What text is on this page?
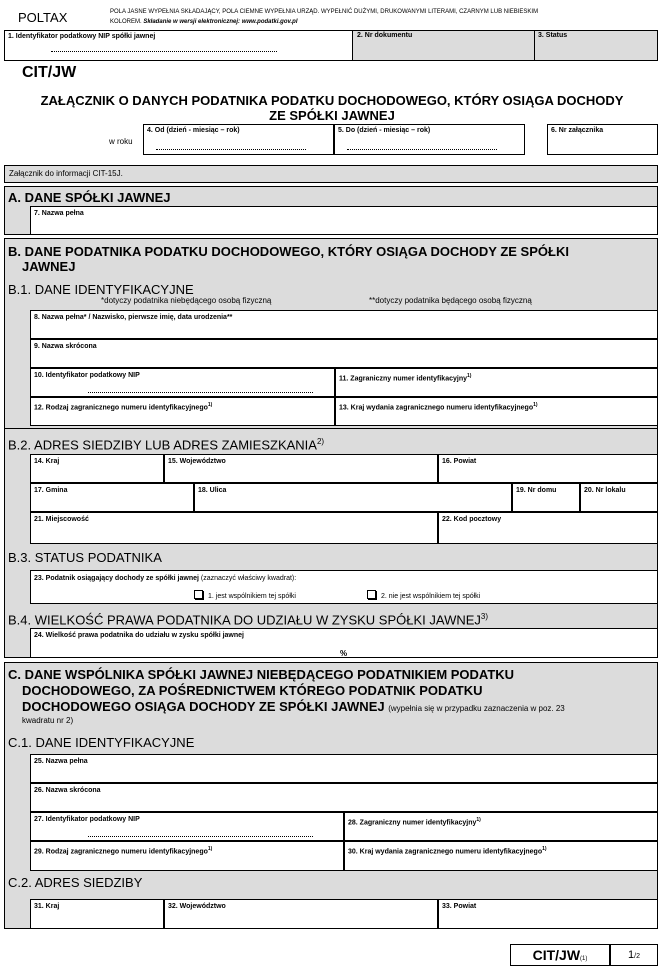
POLTAX	POLA JASNE WYPEŁNIA SKŁADAJĄCY, POLA CIEMNE WYPEŁNIA URZĄD. WYPEŁNIĆ DUŻYMI, DRUKOWANYMI LITERAMI, CZARNYM LUB NIEBIESKIM
KOLOREM. Składanie w wersji elektronicznej: www.podatki.gov.pl
1. Identyfikator podatkowy NIP spółki jawnej	2. Nr dokumentu	3. Status
CIT/JW
ZAŁĄCZNIK O DANYCH PODATNIKA PODATKU DOCHODOWEGO, KTÓRY OSIĄGA DOCHODY
ZE SPÓŁKI JAWNEJ
w roku
4. Od (dzień - miesiąc – rok)	5. Do (dzień - miesiąc – rok)	6. Nr załącznika
Załącznik do informacji CIT-15J.
A. DANE SPÓŁKI JAWNEJ
7. Nazwa pełna
B. DANE PODATNIKA PODATKU DOCHODOWEGO, KTÓRY OSIĄGA DOCHODY ZE SPÓŁKI
JAWNEJ
B.1. DANE IDENTYFIKACYJNE
*dotyczy podatnika niebędącego osobą fizyczną	**dotyczy podatnika będącego osobą fizyczną
8. Nazwa pełna* / Nazwisko, pierwsze imię, data urodzenia**
9. Nazwa skrócona
10. Identyfikator podatkowy NIP	11. Zagraniczny numer identyfikacyjny$^{1)}$
12. Rodzaj zagranicznego numeru identyfikacyjnego$^{1)}$	13. Kraj wydania zagranicznego numeru identyfikacyjnego$^{1)}$
B.2. ADRES SIEDZIBY LUB ADRES ZAMIESZKANIA$^{2)}$
14. Kraj	15. Województwo	16. Powiat
17. Gmina	18. Ulica	19. Nr domu	20. Nr lokalu
21. Miejscowość	22. Kod pocztowy
B.3. STATUS PODATNIKA
23. Podatnik osiągający dochody ze spółki jawnej (zaznaczyć właściwy kwadrat):
1. jest wspólnikiem tej spółki	2. nie jest wspólnikiem tej spółki
B.4. WIELKOŚĆ PRAWA PODATNIKA DO UDZIAŁU W ZYSKU SPÓŁKI JAWNEJ$^{3)}$
24. Wielkość prawa podatnika do udziału w zysku spółki jawnej
%
C. DANE WSPÓLNIKA SPÓŁKI JAWNEJ NIEBĘDĄCEGO PODATNIKIEM PODATKU
DOCHODOWEGO, ZA POŚREDNICTWEM KTÓREGO PODATNIK PODATKU
DOCHODOWEGO OSIĄGA DOCHODY ZE SPÓŁKI JAWNEJ (wypełnia się w przypadku zaznaczenia w poz. 23
kwadratu nr 2)
C.1. DANE IDENTYFIKACYJNE
25. Nazwa pełna
26. Nazwa skrócona
27. Identyfikator podatkowy NIP	28. Zagraniczny numer identyfikacyjny$^{1)}$
29. Rodzaj zagranicznego numeru identyfikacyjnego$^{1)}$	30. Kraj wydania zagranicznego numeru identyfikacyjnego$^{1)}$
C.2. ADRES SIEDZIBY
31. Kraj	32. Województwo	33. Powiat
CIT/JW(1)	1/2
